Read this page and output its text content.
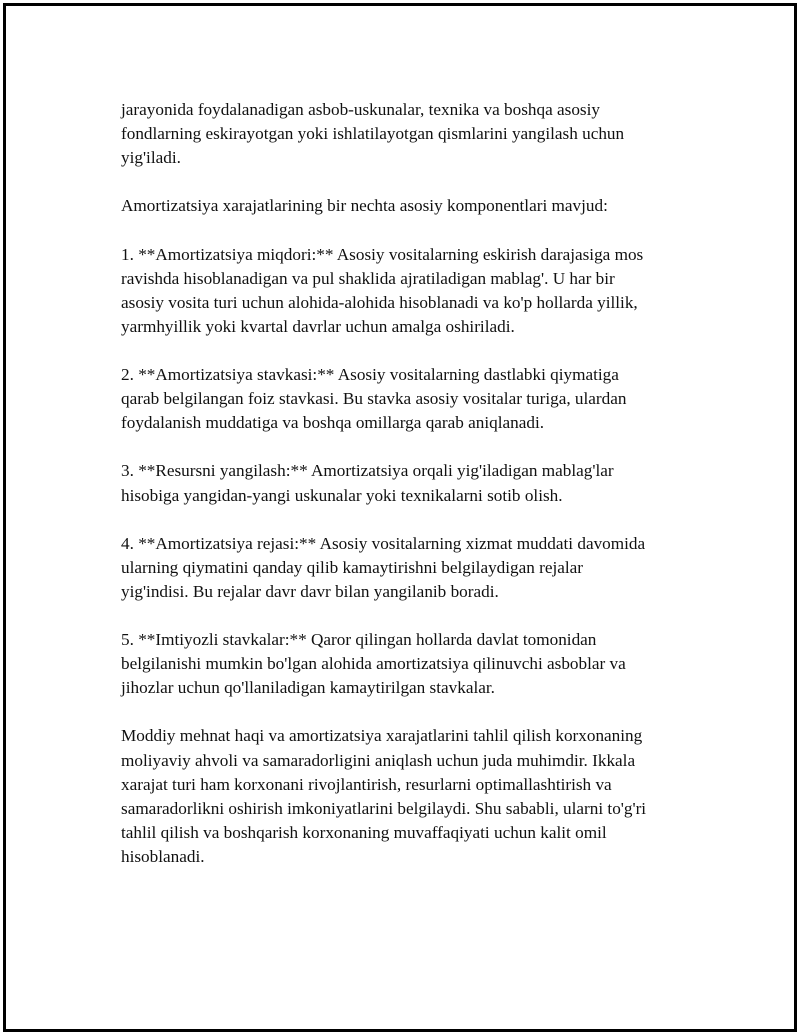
jarayonida foydalanadigan asbob-uskunalar, texnika va boshqa asosiy
fondlarning eskirayotgan yoki ishlatilayotgan qismlarini yangilash uchun
yig'iladi.

Amortizatsiya xarajatlarining bir nechta asosiy komponentlari mavjud:

1. **Amortizatsiya miqdori:** Asosiy vositalarning eskirish darajasiga mos
ravishda hisoblanadigan va pul shaklida ajratiladigan mablag'. U har bir
asosiy vosita turi uchun alohida-alohida hisoblanadi va ko'p hollarda yillik,
yarmhyillik yoki kvartal davrlar uchun amalga oshiriladi.

2. **Amortizatsiya stavkasi:** Asosiy vositalarning dastlabki qiymatiga
qarab belgilangan foiz stavkasi. Bu stavka asosiy vositalar turiga, ulardan
foydalanish muddatiga va boshqa omillarga qarab aniqlanadi.

3. **Resursni yangilash:** Amortizatsiya orqali yig'iladigan mablag'lar
hisobiga yangidan-yangi uskunalar yoki texnikalarni sotib olish.

4. **Amortizatsiya rejasi:** Asosiy vositalarning xizmat muddati davomida
ularning qiymatini qanday qilib kamaytirishni belgilaydigan rejalar
yig'indisi. Bu rejalar davr davr bilan yangilanib boradi.

5. **Imtiyozli stavkalar:** Qaror qilingan hollarda davlat tomonidan
belgilanishi mumkin bo'lgan alohida amortizatsiya qilinuvchi asboblar va
jihozlar uchun qo'llaniladigan kamaytirilgan stavkalar.

Moddiy mehnat haqi va amortizatsiya xarajatlarini tahlil qilish korxonaning
moliyaviy ahvoli va samaradorligini aniqlash uchun juda muhimdir. Ikkala
xarajat turi ham korxonani rivojlantirish, resurlarni optimallashtirish va
samaradorlikni oshirish imkoniyatlarini belgilaydi. Shu sababli, ularni to'g'ri
tahlil qilish va boshqarish korxonaning muvaffaqiyati uchun kalit omil
hisoblanadi.
